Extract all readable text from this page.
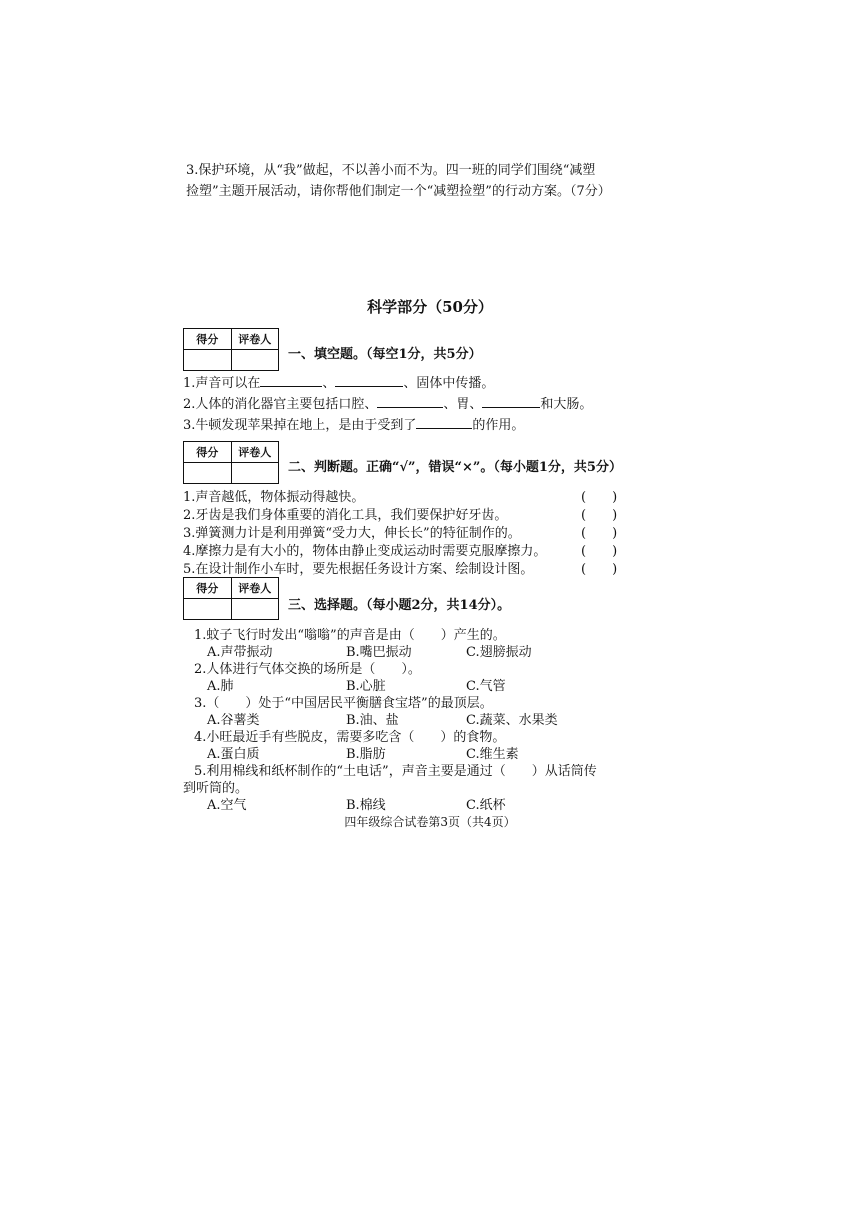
3.保护环境，从“我”做起，不以善小而不为。四一班的同学们围绕“减塑
捡塑”主题开展活动，请你帮他们制定一个“减塑捡塑”的行动方案。（7分）
科学部分（50分）
得分	评卷人

一、填空题。（每空1分，共5分）
1.声音可以在	、	、固体中传播。
2.人体的消化器官主要包括口腔、	、胃、	和大肠。
3.牛顿发现苹果掉在地上，是由于受到了	的作用。
得分	评卷人

二、判断题。正确“√”，错误“×”。（每小题1分，共5分）
1.声音越低，物体振动得越快。	(　　)
2.牙齿是我们身体重要的消化工具，我们要保护好牙齿。	(　　)
3.弹簧测力计是利用弹簧“受力大，伸长长”的特征制作的。	(　　)
4.摩擦力是有大小的，物体由静止变成运动时需要克服摩擦力。	(　　)
5.在设计制作小车时，要先根据任务设计方案、绘制设计图。	(　　)
得分	评卷人

三、选择题。（每小题2分，共14分）。
1.蚊子飞行时发出“嗡嗡”的声音是由（　　）产生的。
A.声带振动	B.嘴巴振动	C.翅膀振动
2.人体进行气体交换的场所是（　　）。
A.肺	B.心脏	C.气管
3.（　　）处于“中国居民平衡膳食宝塔”的最顶层。
A.谷薯类	B.油、盐	C.蔬菜、水果类
4.小旺最近手有些脱皮，需要多吃含（　　）的食物。
A.蛋白质	B.脂肪	C.维生素
5.利用棉线和纸杯制作的“土电话”，声音主要是通过（　　）从话筒传
到听筒的。
A.空气	B.棉线	C.纸杯
四年级综合试卷第3页（共4页）
